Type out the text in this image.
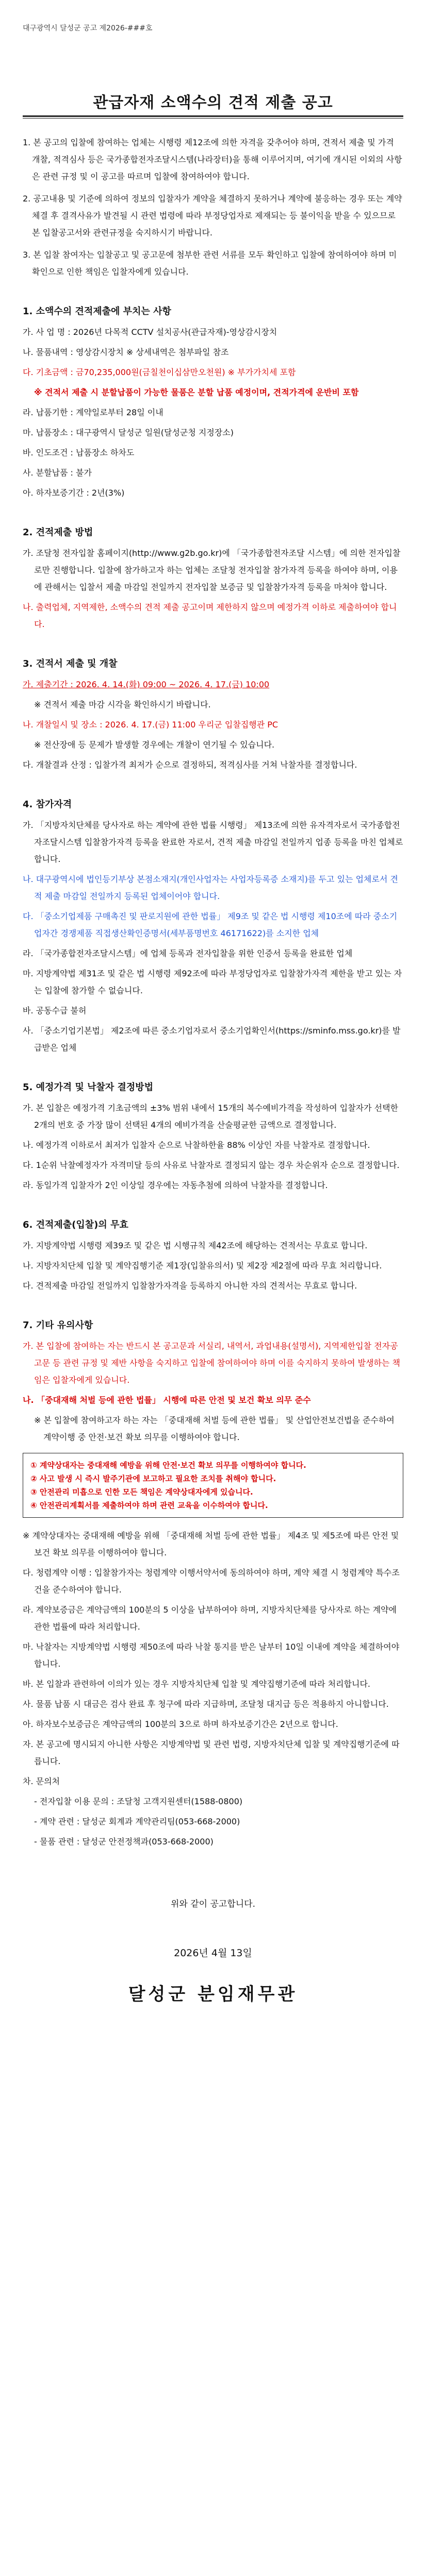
대구광역시 달성군 공고 제2026-###호
관급자재 소액수의 견적 제출 공고

1. 본 공고의 입찰에 참여하는 업체는 시행령 제12조에 의한 자격을 갖추어야 하며, 견적서 제출 및 가격 개찰, 적격심사 등은 국가종합전자조달시스템(나라장터)을 통해 이루어지며, 여기에 개시된 이외의 사항은 관련 규정 및 이 공고를 따르며 입찰에 참여하여야 합니다.

2. 공고내용 및 기준에 의하여 정보의 입찰자가 계약을 체결하지 못하거나 계약에 불응하는 경우 또는 계약체결 후 결격사유가 발견될 시 관련 법령에 따라 부정당업자로 제재되는 등 불이익을 받을 수 있으므로 본 입찰공고서와 관련규정을 숙지하시기 바랍니다.

3. 본 입찰 참여자는 입찰공고 및 공고문에 첨부한 관련 서류를 모두 확인하고 입찰에 참여하여야 하며 미확인으로 인한 책임은 입찰자에게 있습니다.

1. 소액수의 견적제출에 부치는 사항

가. 사 업 명 : 2026년 다목적 CCTV 설치공사(관급자재)-영상감시장치

나. 물품내역 : 영상감시장치 ※ 상세내역은 첨부파일 참조

다. 기초금액 : 금70,235,000원(금칠천이십삼만오천원) ※ 부가가치세 포함

※ 견적서 제출 시 분할납품이 가능한 물품은 분할 납품 예정이며, 견적가격에 운반비 포함

라. 납품기한 : 계약일로부터 28일 이내

마. 납품장소 : 대구광역시 달성군 일원(달성군청 지정장소)

바. 인도조건 : 납품장소 하차도

사. 분할납품 : 불가

아. 하자보증기간 : 2년(3%)

2. 견적제출 방법

가. 조달청 전자입찰 홈페이지(http://www.g2b.go.kr)에 「국가종합전자조달 시스템」에 의한 전자입찰로만 진행합니다. 입찰에 참가하고자 하는 업체는 조달청 전자입찰 참가자격 등록을 하여야 하며, 이용에 관해서는 입찰서 제출 마감일 전일까지 전자입찰 보증금 및 입찰참가자격 등록을 마쳐야 합니다.

나. 출력업체, 지역제한, 소액수의 견적 제출 공고이며 제한하지 않으며 예정가격 이하로 제출하여야 합니다.

3. 견적서 제출 및 개찰

가. 제출기간 : 2026. 4. 14.(화) 09:00 ~ 2026. 4. 17.(금) 10:00

※ 견적서 제출 마감 시각을 확인하시기 바랍니다.

나. 개찰일시 및 장소 : 2026. 4. 17.(금) 11:00 우리군 입찰집행관 PC

※ 전산장애 등 문제가 발생할 경우에는 개찰이 연기될 수 있습니다.

다. 개찰결과 산정 : 입찰가격 최저가 순으로 결정하되, 적격심사를 거쳐 낙찰자를 결정합니다.

4. 참가자격

가. 「지방자치단체를 당사자로 하는 계약에 관한 법률 시행령」 제13조에 의한 유자격자로서 국가종합전자조달시스템 입찰참가자격 등록을 완료한 자로서, 견적 제출 마감일 전일까지 업종 등록을 마친 업체로 합니다.

나. 대구광역시에 법인등기부상 본점소재지(개인사업자는 사업자등록증 소재지)를 두고 있는 업체로서 견적 제출 마감일 전일까지 등록된 업체이어야 합니다.

다. 「중소기업제품 구매촉진 및 판로지원에 관한 법률」 제9조 및 같은 법 시행령 제10조에 따라 중소기업자간 경쟁제품 직접생산확인증명서(세부품명번호 46171622)를 소지한 업체

라. 「국가종합전자조달시스템」에 업체 등록과 전자입찰을 위한 인증서 등록을 완료한 업체

마. 지방계약법 제31조 및 같은 법 시행령 제92조에 따라 부정당업자로 입찰참가자격 제한을 받고 있는 자는 입찰에 참가할 수 없습니다.

바. 공동수급 불허

사. 「중소기업기본법」 제2조에 따른 중소기업자로서 중소기업확인서(https://sminfo.mss.go.kr)를 발급받은 업체

5. 예정가격 및 낙찰자 결정방법

가. 본 입찰은 예정가격 기초금액의 ±3% 범위 내에서 15개의 복수예비가격을 작성하여 입찰자가 선택한 2개의 번호 중 가장 많이 선택된 4개의 예비가격을 산술평균한 금액으로 결정합니다.

나. 예정가격 이하로서 최저가 입찰자 순으로 낙찰하한율 88% 이상인 자를 낙찰자로 결정합니다.

다. 1순위 낙찰예정자가 자격미달 등의 사유로 낙찰자로 결정되지 않는 경우 차순위자 순으로 결정합니다.

라. 동일가격 입찰자가 2인 이상일 경우에는 자동추첨에 의하여 낙찰자를 결정합니다.

6. 견적제출(입찰)의 무효

가. 지방계약법 시행령 제39조 및 같은 법 시행규칙 제42조에 해당하는 견적서는 무효로 합니다.

나. 지방자치단체 입찰 및 계약집행기준 제1장(입찰유의서) 및 제2장 제2절에 따라 무효 처리합니다.

다. 견적제출 마감일 전일까지 입찰참가자격을 등록하지 아니한 자의 견적서는 무효로 합니다.

7. 기타 유의사항

가. 본 입찰에 참여하는 자는 반드시 본 공고문과 서실리, 내역서, 과업내용(설명서), 지역제한입찰 전자공고문 등 관련 규정 및 제반 사항을 숙지하고 입찰에 참여하여야 하며 이를 숙지하지 못하여 발생하는 책임은 입찰자에게 있습니다.

나. 「중대재해 처벌 등에 관한 법률」 시행에 따른 안전 및 보건 확보 의무 준수

※ 본 입찰에 참여하고자 하는 자는 「중대재해 처벌 등에 관한 법률」 및 산업안전보건법을 준수하여 계약이행 중 안전·보건 확보 의무를 이행하여야 합니다.

① 계약상대자는 중대재해 예방을 위해 안전·보건 확보 의무를 이행하여야 합니다.
② 사고 발생 시 즉시 발주기관에 보고하고 필요한 조치를 취해야 합니다.
③ 안전관리 미흡으로 인한 모든 책임은 계약상대자에게 있습니다.
④ 안전관리계획서를 제출하여야 하며 관련 교육을 이수하여야 합니다.

※ 계약상대자는 중대재해 예방을 위해 「중대재해 처벌 등에 관한 법률」 제4조 및 제5조에 따른 안전 및 보건 확보 의무를 이행하여야 합니다.

다. 청렴계약 이행 : 입찰참가자는 청렴계약 이행서약서에 동의하여야 하며, 계약 체결 시 청렴계약 특수조건을 준수하여야 합니다.

라. 계약보증금은 계약금액의 100분의 5 이상을 납부하여야 하며, 지방자치단체를 당사자로 하는 계약에 관한 법률에 따라 처리합니다.

마. 낙찰자는 지방계약법 시행령 제50조에 따라 낙찰 통지를 받은 날부터 10일 이내에 계약을 체결하여야 합니다.

바. 본 입찰과 관련하여 이의가 있는 경우 지방자치단체 입찰 및 계약집행기준에 따라 처리합니다.

사. 물품 납품 시 대금은 검사 완료 후 청구에 따라 지급하며, 조달청 대지급 등은 적용하지 아니합니다.

아. 하자보수보증금은 계약금액의 100분의 3으로 하며 하자보증기간은 2년으로 합니다.

자. 본 공고에 명시되지 아니한 사항은 지방계약법 및 관련 법령, 지방자치단체 입찰 및 계약집행기준에 따릅니다.

차. 문의처

- 전자입찰 이용 문의 : 조달청 고객지원센터(1588-0800)

- 계약 관련 : 달성군 회계과 계약관리팀(053-668-2000)

- 물품 관련 : 달성군 안전정책과(053-668-2000)

위와 같이 공고합니다.
2026년 4월 13일
달성군 분임재무관
